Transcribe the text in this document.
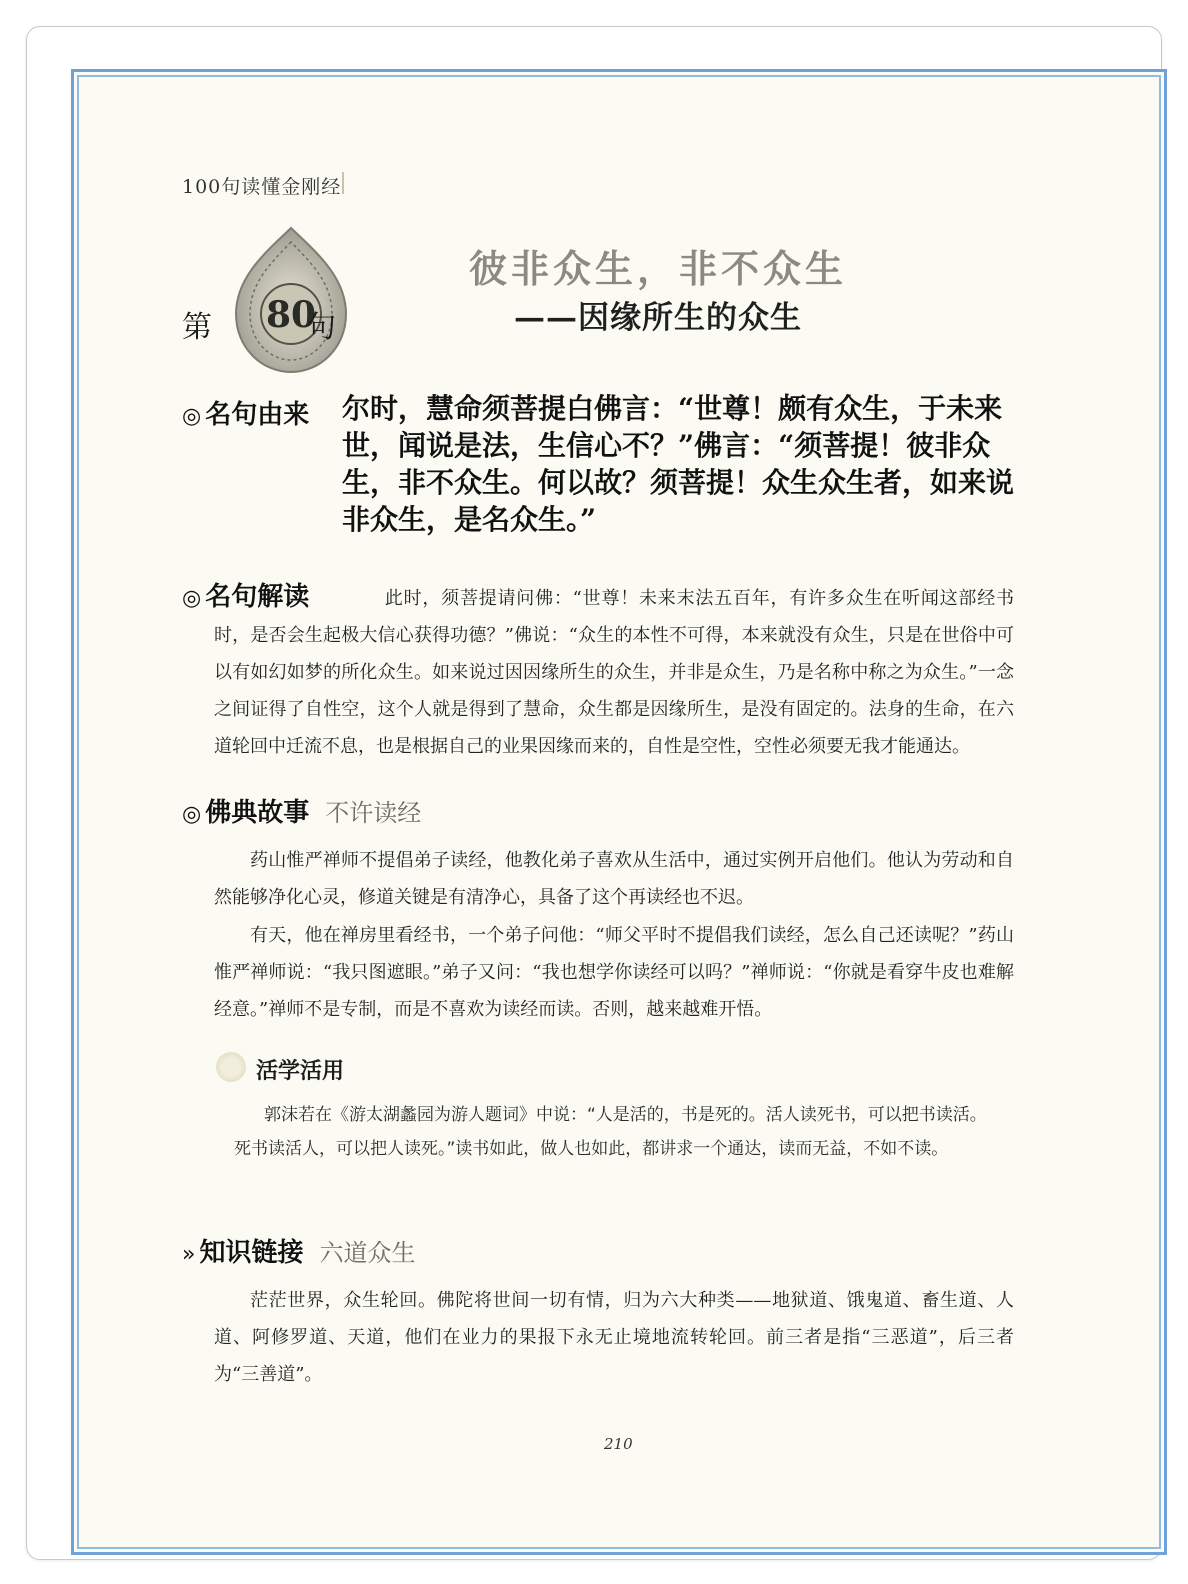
100句读懂金刚经
80
第	句
彼非众生，非不众生
——因缘所生的众生
◎ 名句由来 尔时，慧命须菩提白佛言：“世尊！颇有众生，于未来世，闻说是法，生信心不？”佛言：“须菩提！彼非众生，非不众生。何以故？须菩提！众生众生者，如来说非众生，是名众生。”
◎ 名句解读	此时，须菩提请问佛：“世尊！未来末法五百年，有许多众生在听闻这部经书时，是否会生起极大信心获得功德？”佛说：“众生的本性不可得，本来就没有众生，只是在世俗中可以有如幻如梦的所化众生。如来说过因因缘所生的众生，并非是众生，乃是名称中称之为众生。”一念之间证得了自性空，这个人就是得到了慧命，众生都是因缘所生，是没有固定的。法身的生命，在六道轮回中迁流不息，也是根据自己的业果因缘而来的，自性是空性，空性必须要无我才能通达。
◎ 佛典故事 不许读经
药山惟严禅师不提倡弟子读经，他教化弟子喜欢从生活中，通过实例开启他们。他认为劳动和自然能够净化心灵，修道关键是有清净心，具备了这个再读经也不迟。
有天，他在禅房里看经书，一个弟子问他：“师父平时不提倡我们读经，怎么自己还读呢？”药山惟严禅师说：“我只图遮眼。”弟子又问：“我也想学你读经可以吗？”禅师说：“你就是看穿牛皮也难解经意。”禅师不是专制，而是不喜欢为读经而读。否则，越来越难开悟。
活学活用
郭沫若在《游太湖蠡园为游人题词》中说：“人是活的，书是死的。活人读死书，可以把书读活。死书读活人，可以把人读死。”读书如此，做人也如此，都讲求一个通达，读而无益，不如不读。
» 知识链接 六道众生
茫茫世界，众生轮回。佛陀将世间一切有情，归为六大种类——地狱道、饿鬼道、畜生道、人道、阿修罗道、天道，他们在业力的果报下永无止境地流转轮回。前三者是指“三恶道”，后三者为“三善道”。
210
